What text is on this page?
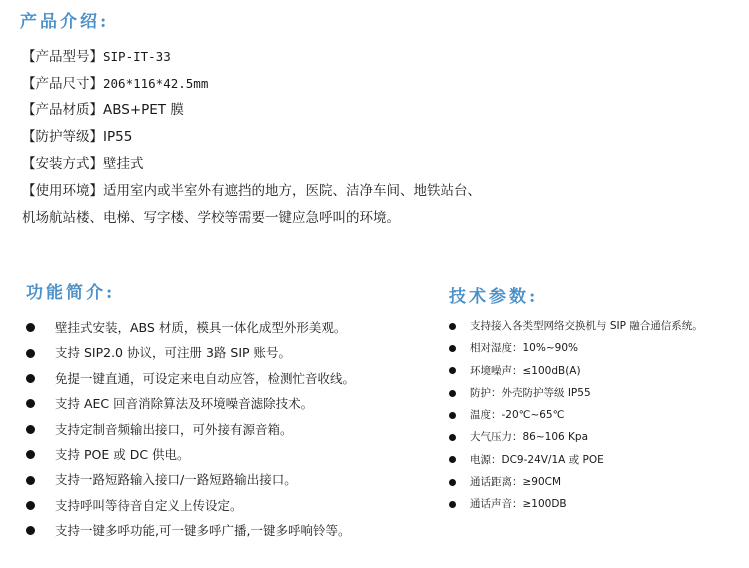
产品介绍:
【产品型号】SIP-IT-33
【产品尺寸】206*116*42.5mm
【产品材质】ABS+PET 膜
【防护等级】IP55
【安装方式】壁挂式
【使用环境】适用室内或半室外有遮挡的地方，医院、洁净车间、地铁站台、机场航站楼、电梯、写字楼、学校等需要一键应急呼叫的环境。
功能简介:
壁挂式安装，ABS 材质，模具一体化成型外形美观。
支持 SIP2.0 协议，可注册 3路 SIP 账号。
免提一键直通，可设定来电自动应答，检测忙音收线。
支持 AEC 回音消除算法及环境噪音滤除技术。
支持定制音频输出接口，可外接有源音箱。
支持 POE 或 DC 供电。
支持一路短路输入接口/一路短路输出接口。
支持呼叫等待音自定义上传设定。
支持一键多呼功能,可一键多呼广播,一键多呼响铃等。
技术参数:
支持接入各类型网络交换机与 SIP 融合通信系统。
相对湿度：10%~90%
环境噪声：≤100dB(A)
防护：外壳防护等级 IP55
温度：-20℃~65℃
大气压力：86~106 Kpa
电源：DC9-24V/1A 或 POE
通话距离：≥90CM
通话声音：≥100DB
